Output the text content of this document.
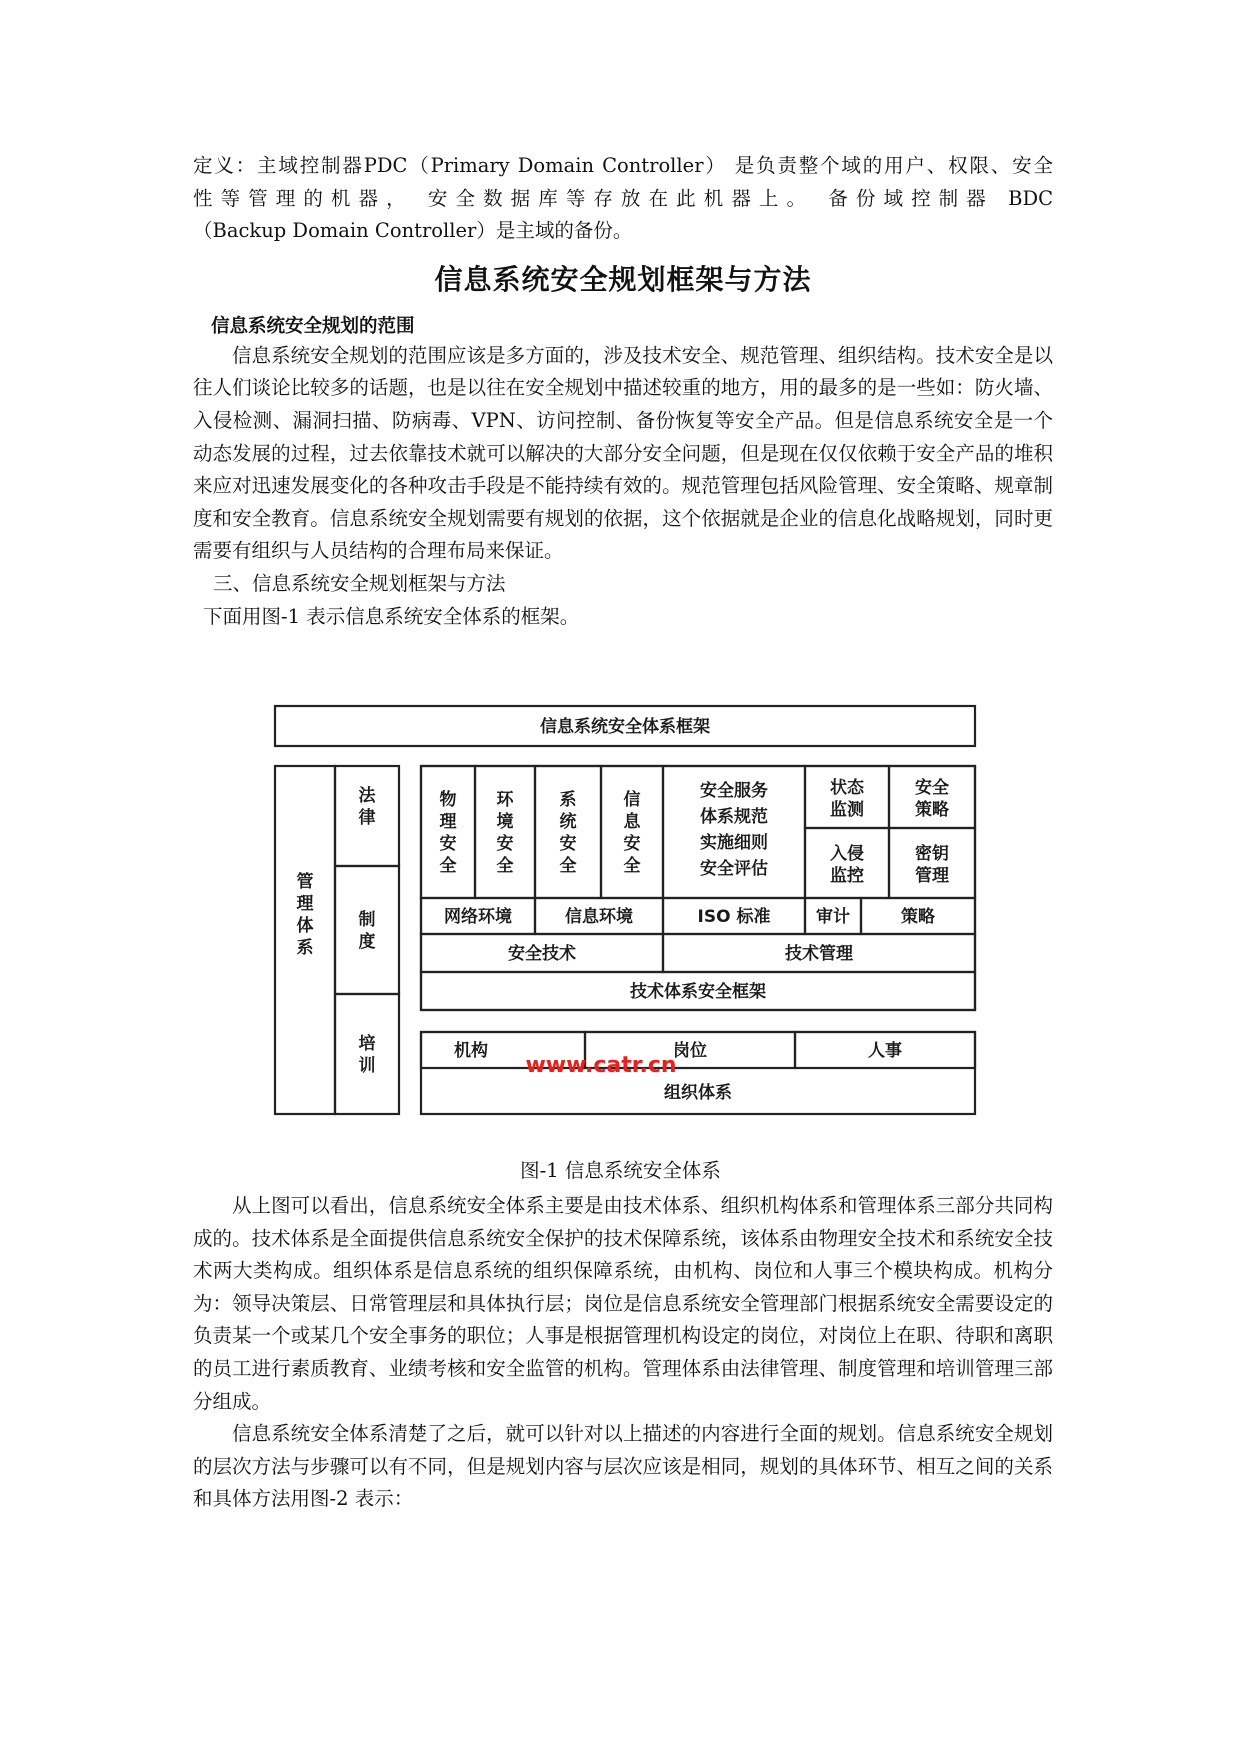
定义：主域控制器PDC（Primary Domain Controller） 是负责整个域的用户、权限、安全

性等管理的机器， 安全数据库等存放在此机器上。 备份域控制器 BDC

（Backup Domain Controller）是主域的备份。

信息系统安全规划框架与方法
信息系统安全规划的范围

信息系统安全规划的范围应该是多方面的，涉及技术安全、规范管理、组织结构。技术安全是以往人们谈论比较多的话题，也是以往在安全规划中描述较重的地方，用的最多的是一些如：防火墙、入侵检测、漏洞扫描、防病毒、VPN、访问控制、备份恢复等安全产品。但是信息系统安全是一个动态发展的过程，过去依靠技术就可以解决的大部分安全问题，但是现在仅仅依赖于安全产品的堆积来应对迅速发展变化的各种攻击手段是不能持续有效的。规范管理包括风险管理、安全策略、规章制度和安全教育。信息系统安全规划需要有规划的依据，这个依据就是企业的信息化战略规划，同时更需要有组织与人员结构的合理布局来保证。

三、信息系统安全规划框架与方法

下面用图-1 表示信息系统安全体系的框架。

信息系统安全体系框架
管理体系
法律
制度
培训
物理安全
环境安全
系统安全
信息安全
安全服务
体系规范
实施细则
安全评估
状态监测
安全策略
入侵监控
密钥管理
网络环境	信息环境	ISO 标准	审计	策略
安全技术	技术管理
技术体系安全框架
机构	岗位	人事
组织体系
www.catr.cn
图-1 信息系统安全体系

从上图可以看出，信息系统安全体系主要是由技术体系、组织机构体系和管理体系三部分共同构成的。技术体系是全面提供信息系统安全保护的技术保障系统，该体系由物理安全技术和系统安全技术两大类构成。组织体系是信息系统的组织保障系统，由机构、岗位和人事三个模块构成。机构分为：领导决策层、日常管理层和具体执行层；岗位是信息系统安全管理部门根据系统安全需要设定的负责某一个或某几个安全事务的职位；人事是根据管理机构设定的岗位，对岗位上在职、待职和离职的员工进行素质教育、业绩考核和安全监管的机构。管理体系由法律管理、制度管理和培训管理三部分组成。

信息系统安全体系清楚了之后，就可以针对以上描述的内容进行全面的规划。信息系统安全规划的层次方法与步骤可以有不同，但是规划内容与层次应该是相同，规划的具体环节、相互之间的关系和具体方法用图-2 表示：
